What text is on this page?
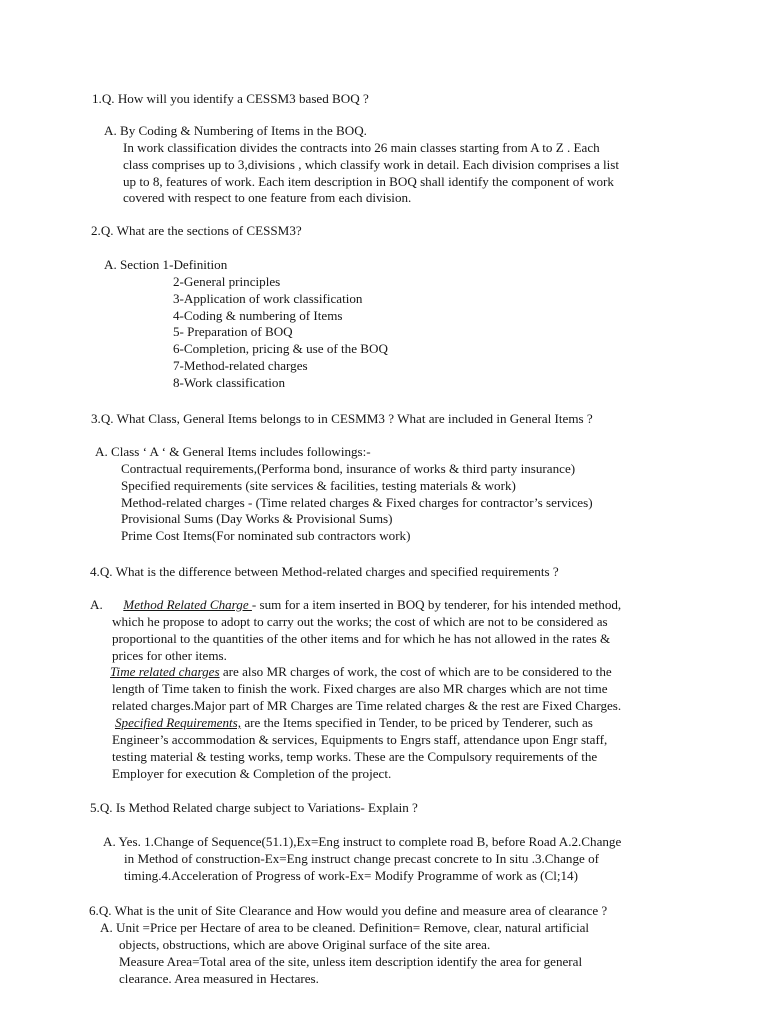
1.Q. How will you identify a CESSM3 based BOQ ?
A. By Coding & Numbering of Items in the BOQ.
In work classification divides the contracts into 26 main classes starting from A to Z . Each
class comprises up to 3,divisions , which classify work in detail. Each division comprises a list
up to 8, features of work. Each item description in BOQ shall identify the component of work
covered with respect to one feature from each division.
2.Q. What are the sections of CESSM3?
A. Section 1-Definition
2-General principles
3-Application of work classification
4-Coding & numbering of Items
5- Preparation of BOQ
6-Completion, pricing & use of the BOQ
7-Method-related charges
8-Work classification
3.Q. What Class, General Items belongs to in CESMM3 ? What are included in General Items ?
A. Class ‘ A ‘ & General Items includes followings:-
Contractual requirements,(Performa bond, insurance of works & third party insurance)
Specified requirements (site services & facilities, testing materials & work)
Method-related charges - (Time related charges & Fixed charges for contractor’s services)
Provisional Sums (Day Works & Provisional Sums)
Prime Cost Items(For nominated sub contractors work)
4.Q. What is the difference between Method-related charges and specified requirements ?
A. Method Related Charge - sum for a item inserted in BOQ by tenderer, for his intended method,
which he propose to adopt to carry out the works; the cost of which are not to be considered as
proportional to the quantities of the other items and for which he has not allowed in the rates &
prices for other items.
Time related charges are also MR charges of work, the cost of which are to be considered to the
length of Time taken to finish the work. Fixed charges are also MR charges which are not time
related charges.Major part of MR Charges are Time related charges & the rest are Fixed Charges.
Specified Requirements, are the Items specified in Tender, to be priced by Tenderer, such as
Engineer’s accommodation & services, Equipments to Engrs staff, attendance upon Engr staff,
testing material & testing works, temp works. These are the Compulsory requirements of the
Employer for execution & Completion of the project.
5.Q. Is Method Related charge subject to Variations- Explain ?
A. Yes. 1.Change of Sequence(51.1),Ex=Eng instruct to complete road B, before Road A.2.Change
in Method of construction-Ex=Eng instruct change precast concrete to In situ .3.Change of
timing.4.Acceleration of Progress of work-Ex= Modify Programme of work as (Cl;14)
6.Q. What is the unit of Site Clearance and How would you define and measure area of clearance ?
A. Unit =Price per Hectare of area to be cleaned. Definition= Remove, clear, natural artificial
objects, obstructions, which are above Original surface of the site area.
Measure Area=Total area of the site, unless item description identify the area for general
clearance. Area measured in Hectares.
